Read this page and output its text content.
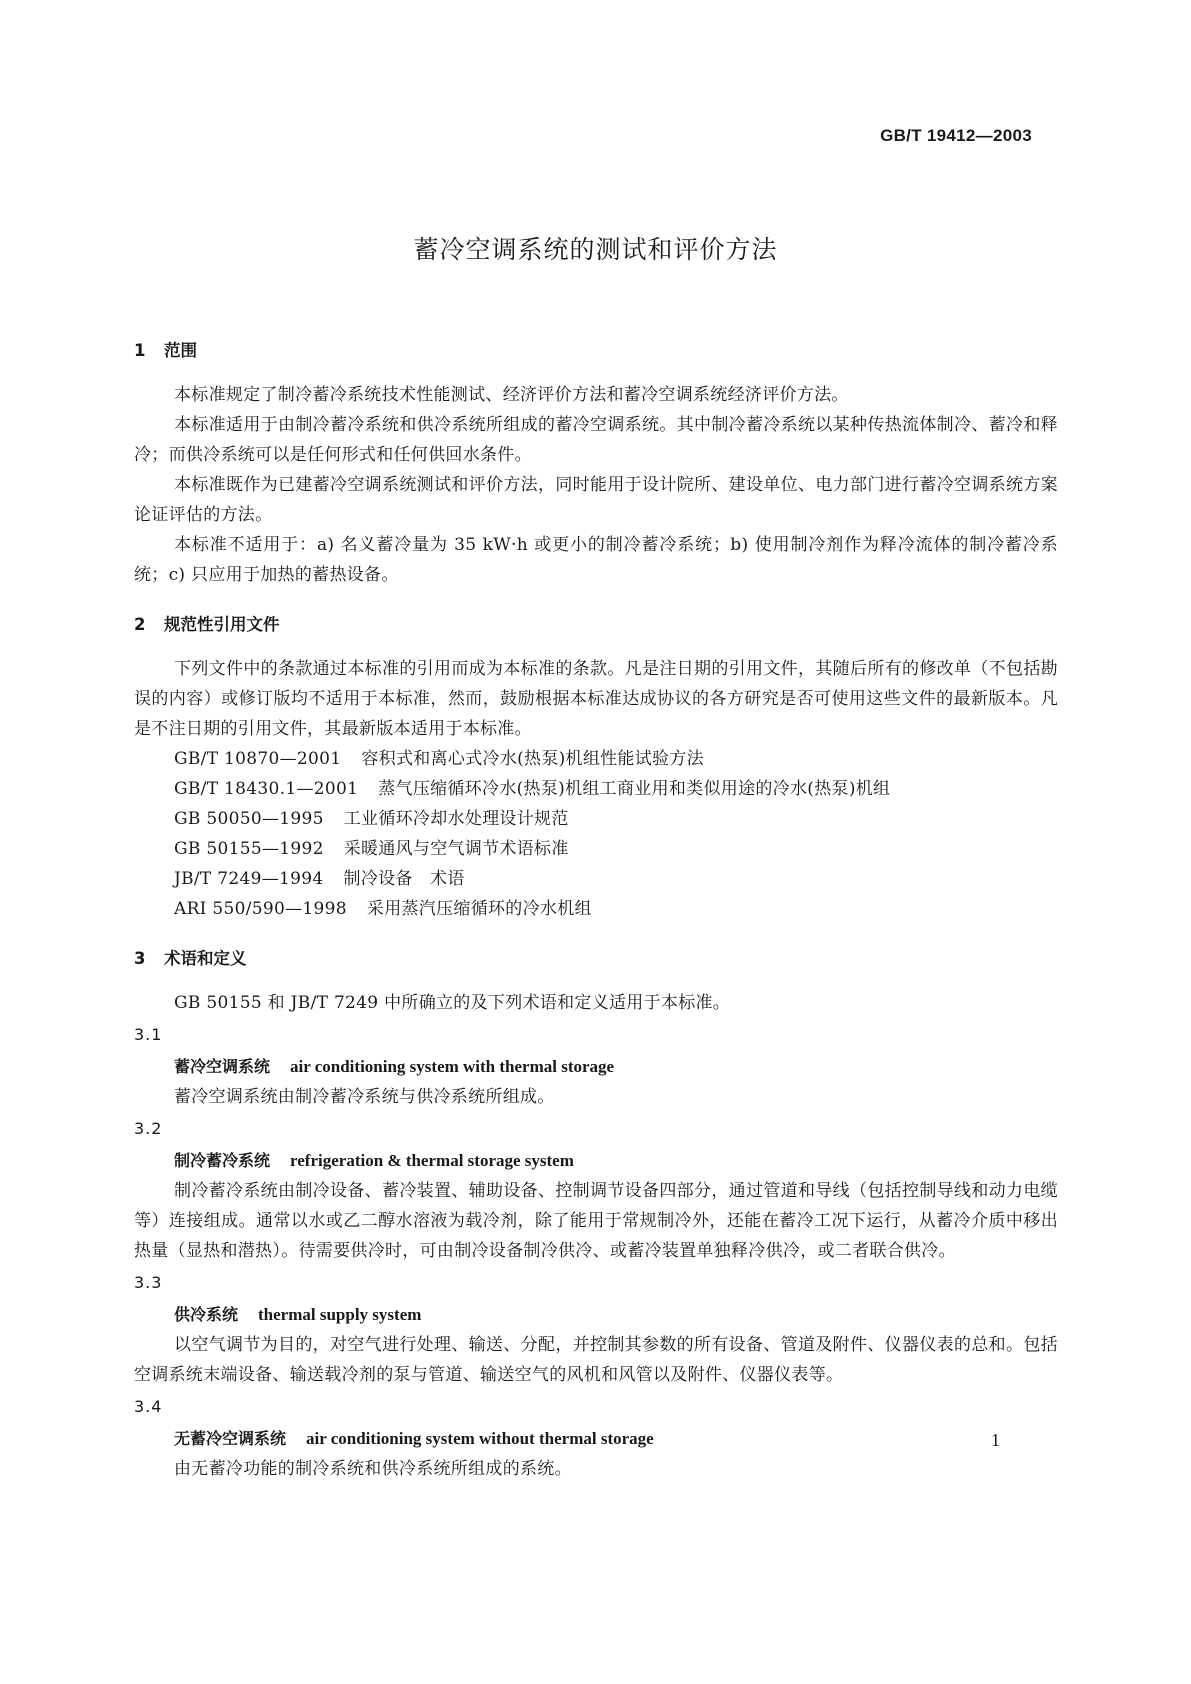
GB/T 19412—2003
蓄冷空调系统的测试和评价方法
1 范围

本标准规定了制冷蓄冷系统技术性能测试、经济评价方法和蓄冷空调系统经济评价方法。

本标准适用于由制冷蓄冷系统和供冷系统所组成的蓄冷空调系统。其中制冷蓄冷系统以某种传热流体制冷、蓄冷和释冷；而供冷系统可以是任何形式和任何供回水条件。

本标准既作为已建蓄冷空调系统测试和评价方法，同时能用于设计院所、建设单位、电力部门进行蓄冷空调系统方案论证评估的方法。

本标准不适用于：a) 名义蓄冷量为 35 kW·h 或更小的制冷蓄冷系统；b) 使用制冷剂作为释冷流体的制冷蓄冷系统；c) 只应用于加热的蓄热设备。

2 规范性引用文件

下列文件中的条款通过本标准的引用而成为本标准的条款。凡是注日期的引用文件，其随后所有的修改单（不包括勘误的内容）或修订版均不适用于本标准，然而，鼓励根据本标准达成协议的各方研究是否可使用这些文件的最新版本。凡是不注日期的引用文件，其最新版本适用于本标准。

GB/T 10870—2001 容积式和离心式冷水(热泵)机组性能试验方法
GB/T 18430.1—2001 蒸气压缩循环冷水(热泵)机组工商业用和类似用途的冷水(热泵)机组
GB 50050—1995 工业循环冷却水处理设计规范
GB 50155—1992 采暖通风与空气调节术语标准
JB/T 7249—1994 制冷设备　术语
ARI 550/590—1998 采用蒸汽压缩循环的冷水机组
3 术语和定义

GB 50155 和 JB/T 7249 中所确立的及下列术语和定义适用于本标准。

3.1

蓄冷空调系统 air conditioning system with thermal storage

蓄冷空调系统由制冷蓄冷系统与供冷系统所组成。

3.2

制冷蓄冷系统 refrigeration & thermal storage system

制冷蓄冷系统由制冷设备、蓄冷装置、辅助设备、控制调节设备四部分，通过管道和导线（包括控制导线和动力电缆等）连接组成。通常以水或乙二醇水溶液为载冷剂，除了能用于常规制冷外，还能在蓄冷工况下运行，从蓄冷介质中移出热量（显热和潜热）。待需要供冷时，可由制冷设备制冷供冷、或蓄冷装置单独释冷供冷，或二者联合供冷。

3.3

供冷系统 thermal supply system

以空气调节为目的，对空气进行处理、输送、分配，并控制其参数的所有设备、管道及附件、仪器仪表的总和。包括空调系统末端设备、输送载冷剂的泵与管道、输送空气的风机和风管以及附件、仪器仪表等。

3.4

无蓄冷空调系统 air conditioning system without thermal storage

由无蓄冷功能的制冷系统和供冷系统所组成的系统。

1
